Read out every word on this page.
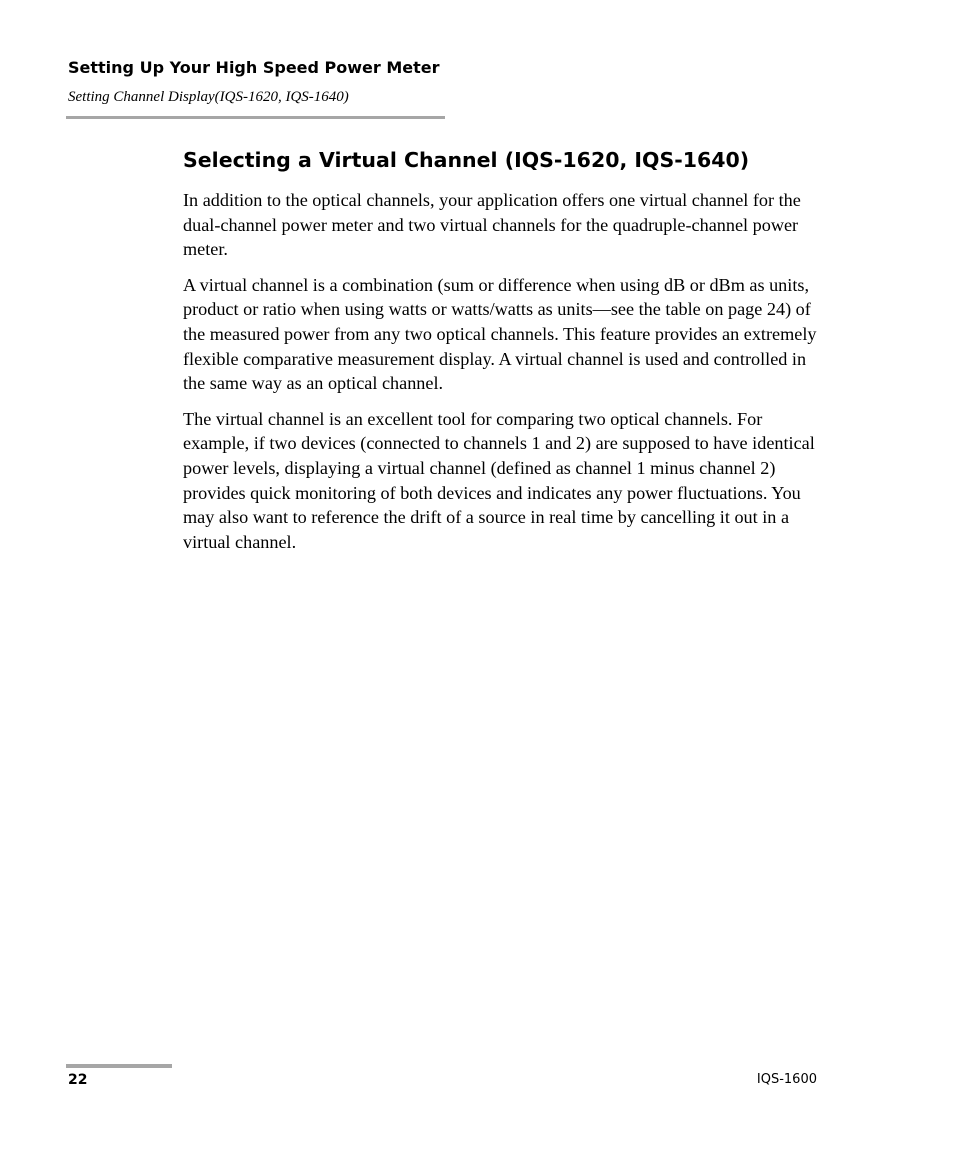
Setting Up Your High Speed Power Meter
Setting Channel Display(IQS-1620, IQS-1640)
Selecting a Virtual Channel (IQS-1620, IQS-1640)

In addition to the optical channels, your application offers one virtual channel for the dual-channel power meter and two virtual channels for the quadruple-channel power meter.

A virtual channel is a combination (sum or difference when using dB or dBm as units, product or ratio when using watts or watts/watts as units—see the table on page 24) of the measured power from any two optical channels. This feature provides an extremely flexible comparative measurement display. A virtual channel is used and controlled in the same way as an optical channel.

The virtual channel is an excellent tool for comparing two optical channels. For example, if two devices (connected to channels 1 and 2) are supposed to have identical power levels, displaying a virtual channel (defined as channel 1 minus channel 2) provides quick monitoring of both devices and indicates any power fluctuations. You may also want to reference the drift of a source in real time by cancelling it out in a virtual channel.

22	IQS-1600
